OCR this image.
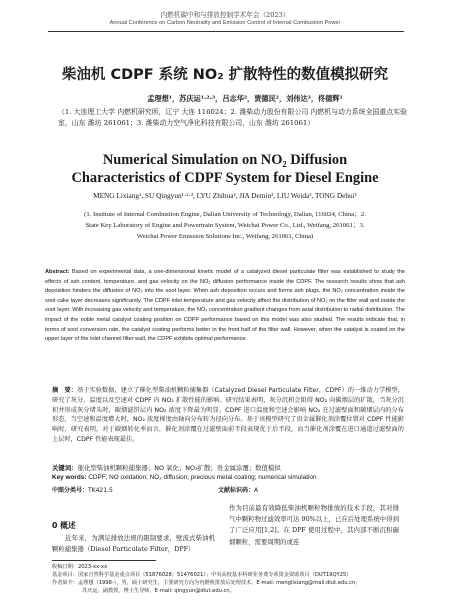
内燃机碳中和与排放控制学术年会（2023）
Annual Conference on Carbon Neutrality and Emission Control of Internal Combustion Power
柴油机 CDPF 系统 NO₂ 扩散特性的数值模拟研究
孟理想¹，苏庆运¹·²·³，吕志华²，贾德民²，刘伟达³，佟德辉¹
（1. 大连理工大学 内燃机研究所，辽宁 大连 116024；2. 潍柴动力股份有限公司 内燃机与动力系统全国重点实验室，山东 潍坊 261061；3. 潍柴动力空气净化科技有限公司，山东 潍坊 261061）
Numerical Simulation on NO₂ Diffusion
Characteristics of CDPF System for Diesel Engine
MENG Lixiang¹, SU Qingyun¹·²·³, LYU Zhihua², JIA Demin², LIU Weida³, TONG Dehui¹
(1. Institute of Internal Combustion Engine, Dalian University of Technology, Dalian, 116024, China；2.
State Key Laboratory of Engine and Powertrain System, Weichai Power Co., Ltd., Weifang, 261061；3.
Weichai Power Emission Solutions Inc., Weifang, 261061, China)
Abstract: Based on experimental data, a one-dimensional kinetic model of a catalyzed diesel particulate filter was established to study the effects of ash content, temperature, and gas velocity on the NO₂ diffusion performance inside the CDPF. The research results show that ash deposition hinders the diffusion of NO₂ into the soot layer. When ash deposition occurs and forms ash plugs, the NO₂ concentration inside the soot cake layer decreases significantly. The CDPF inlet temperature and gas velocity affect the distribution of NO₂ on the filter wall and inside the soot layer. With increasing gas velocity and temperature, the NO₂ concentration gradient changes from axial distribution to radial distribution. The impact of the noble metal catalyst coating position on CDPF performance based on this model was also studied. The results indicate that, in terms of soot conversion rate, the catalyst coating performs better in the front half of the filter wall. However, when the catalyst is coated on the upper layer of the inlet channel filter wall, the CDPF exhibits optimal performance.
摘　要：基于实验数据，建立了催化型柴油机颗粒捕集器（Catalyzed Diesel Particulate Filter，CDPF）的一维动力学模型，研究了灰分、温度以及空速对 CDPF 内 NO₂ 扩散性能的影响。研究结果表明，灰分沉积会阻碍 NO₂ 向碳烟层的扩散，当灰分沉积并形成灰分堵头时，碳烟滤饼层内 NO₂ 浓度下降最为明显。CDPF 进口温度和空速会影响 NO₂ 在过滤壁面和碳烟层内的分布形态，当空速和温度增大时，NO₂ 浓度梯度由轴向分布转为径向分布。基于该模型研究了贵金属催化剂涂覆位置对 CDPF 性能影响时，研究表明，对于碳烟转化率而言，催化剂涂覆在过滤壁面前半段表现优于后半段，而当催化剂涂覆在进口通道过滤壁面的上层时，CDPF 性能表现最佳。
关键词：催化型柴油机颗粒捕集器；NO 氧化；NO₂扩散；贵金属涂覆；数值模拟
Key words: CDPF; NO oxidation; NO₂ diffusion; precious metal coating; numerical simulation
中图分类号：TK421.5	文献标识码：A
0 概述
近年来，为满足排放法规的限制要求，壁流式柴油机颗粒捕集器（Diesel Particulate Filter，DPF）
作为目前最有效降低柴油机颗粒物排放的技术手段，其对排气中颗粒物过滤效率可达 90%以上，已在后处理系统中得到了广泛应用[1,2]。在 DPF 使用过程中，其内部不断沉积碳烟颗粒，需要周期的或连
收稿日期：2023-xx-xx
基金项目：国家自然科学基金重点项目（51876028；51476021）；中央高校基本科研业务费专项资金资助项目（DUT19QY25）
作者简介：孟理想（1998-），男，硕士研究生，主要研究方向为内燃机排放后处理技术，E-mail: menglixiang@mail.dlut.edu.cn；
苏庆运，副教授，博士生导师，E-mail: qingyun@dlut.edu.cn。
